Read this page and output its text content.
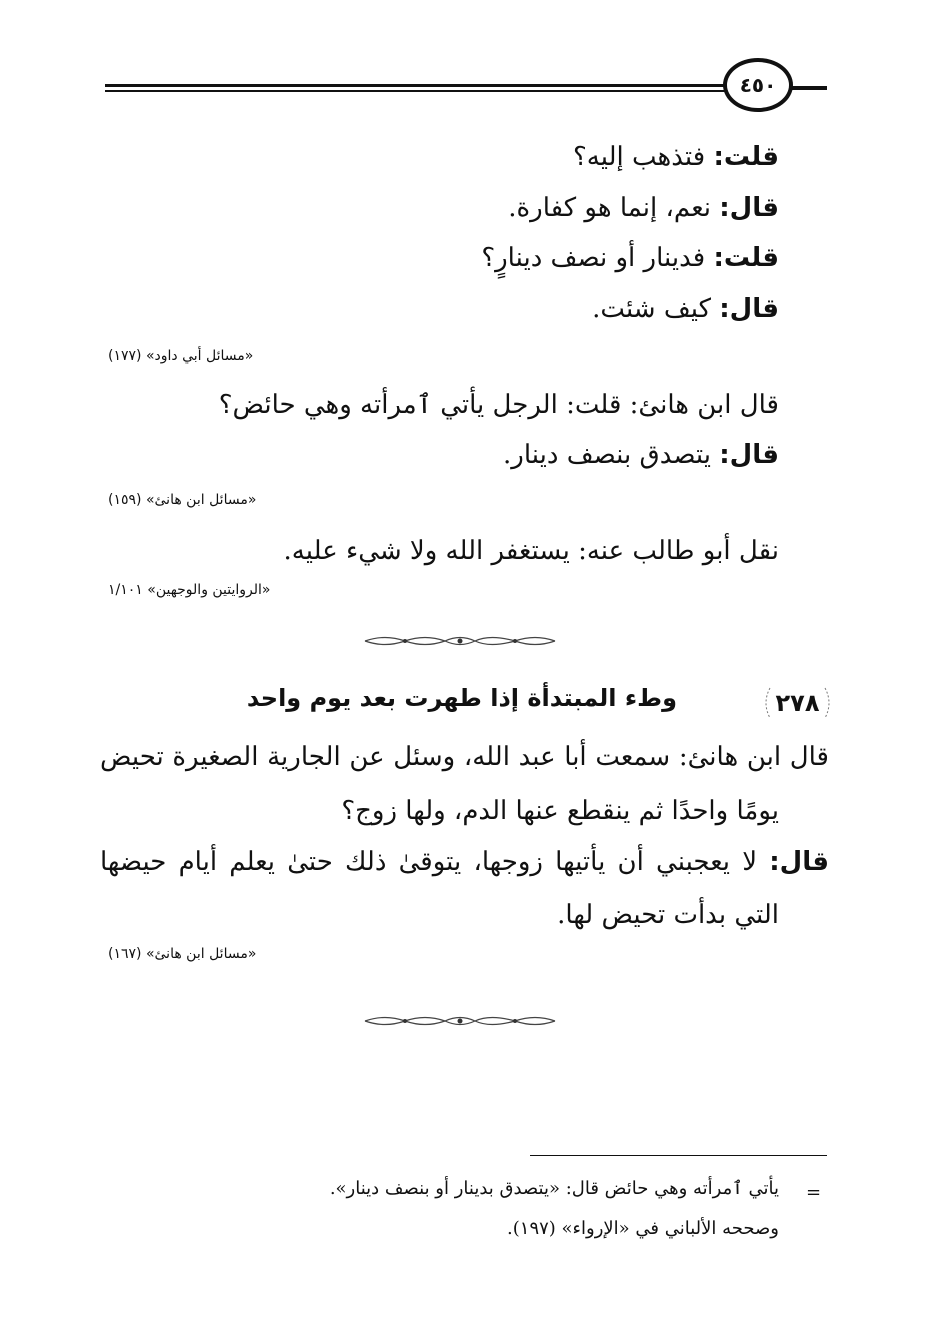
٤٥٠
قلت: فتذهب إليه؟
قال: نعم، إنما هو كفارة.
قلت: فدينار أو نصف دينارٍ؟
قال: كيف شئت.
«مسائل أبي داود» (١٧٧)
قال ابن هانئ: قلت: الرجل يأتي ٱمرأته وهي حائض؟
قال: يتصدق بنصف دينار.
«مسائل ابن هانئ» (١٥٩)
نقل أبو طالب عنه: يستغفر الله ولا شيء عليه.
«الروايتين والوجهين» ١/١٠١
٢٧٨
وطء المبتدأة إذا طهرت بعد يوم واحد
قال ابن هانئ: سمعت أبا عبد الله، وسئل عن الجارية الصغيرة تحيض
يومًا واحدًا ثم ينقطع عنها الدم، ولها زوج؟
قال: لا يعجبني أن يأتيها زوجها، يتوقىٰ ذلك حتىٰ يعلم أيام حيضها
التي بدأت تحيض لها.
«مسائل ابن هانئ» (١٦٧)
=
يأتي ٱمرأته وهي حائض قال: «يتصدق بدينار أو بنصف دينار».
وصححه الألباني في «الإرواء» (١٩٧).
